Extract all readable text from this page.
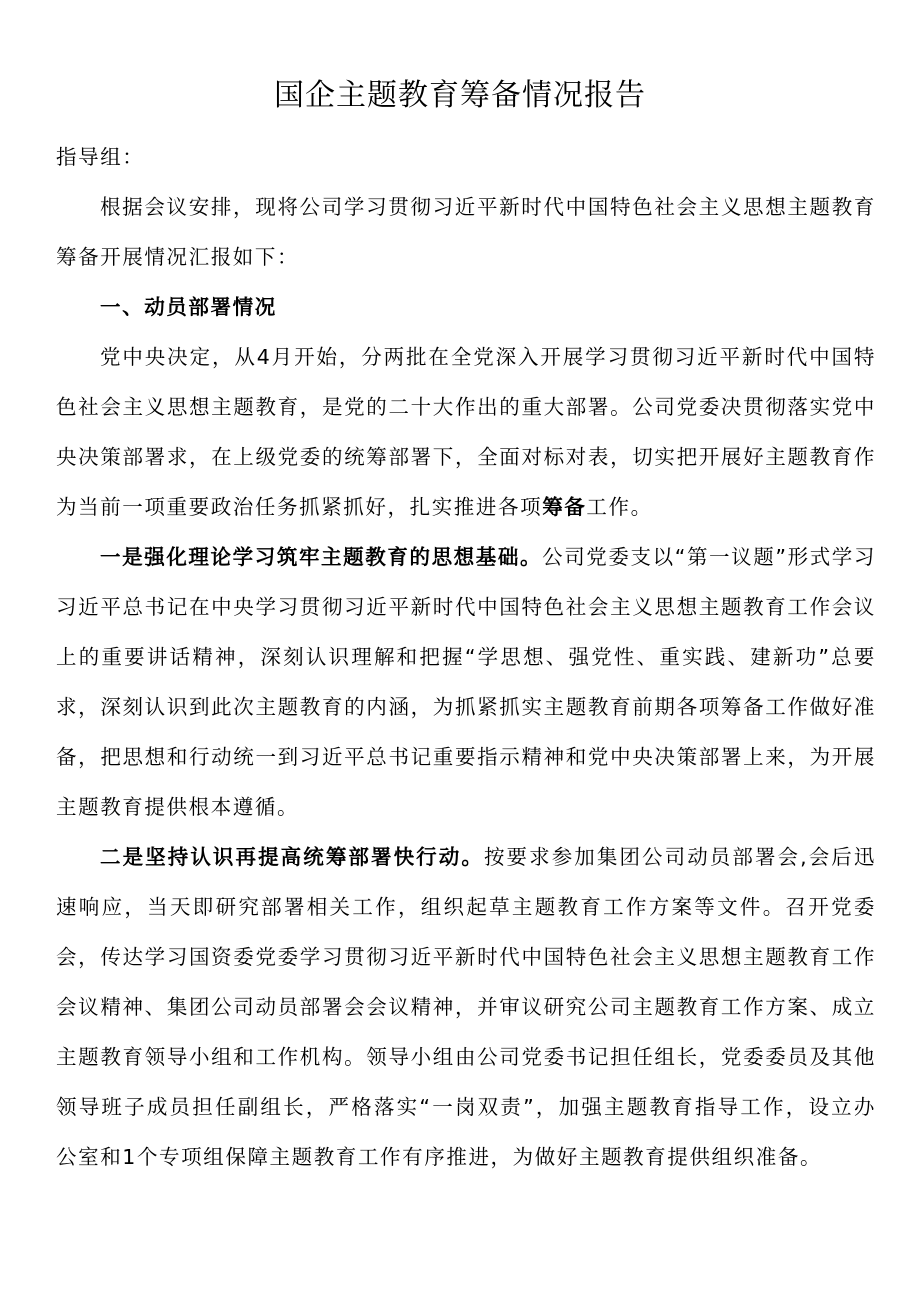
国企主题教育筹备情况报告

指导组：

根据会议安排，现将公司学习贯彻习近平新时代中国特色社会主义思想主题教育筹备开展情况汇报如下：

一、动员部署情况

党中央决定，从4月开始，分两批在全党深入开展学习贯彻习近平新时代中国特色社会主义思想主题教育，是党的二十大作出的重大部署。公司党委决贯彻落实党中央决策部署求，在上级党委的统筹部署下，全面对标对表，切实把开展好主题教育作为当前一项重要政治任务抓紧抓好，扎实推进各项筹备工作。

一是强化理论学习筑牢主题教育的思想基础。公司党委支以“第一议题”形式学习习近平总书记在中央学习贯彻习近平新时代中国特色社会主义思想主题教育工作会议上的重要讲话精神，深刻认识理解和把握“学思想、强党性、重实践、建新功”总要求，深刻认识到此次主题教育的内涵，为抓紧抓实主题教育前期各项筹备工作做好准备，把思想和行动统一到习近平总书记重要指示精神和党中央决策部署上来，为开展主题教育提供根本遵循。

二是坚持认识再提高统筹部署快行动。按要求参加集团公司动员部署会,会后迅速响应，当天即研究部署相关工作，组织起草主题教育工作方案等文件。召开党委会，传达学习国资委党委学习贯彻习近平新时代中国特色社会主义思想主题教育工作会议精神、集团公司动员部署会会议精神，并审议研究公司主题教育工作方案、成立主题教育领导小组和工作机构。领导小组由公司党委书记担任组长，党委委员及其他领导班子成员担任副组长，严格落实“一岗双责”，加强主题教育指导工作，设立办公室和1个专项组保障主题教育工作有序推进，为做好主题教育提供组织准备。
